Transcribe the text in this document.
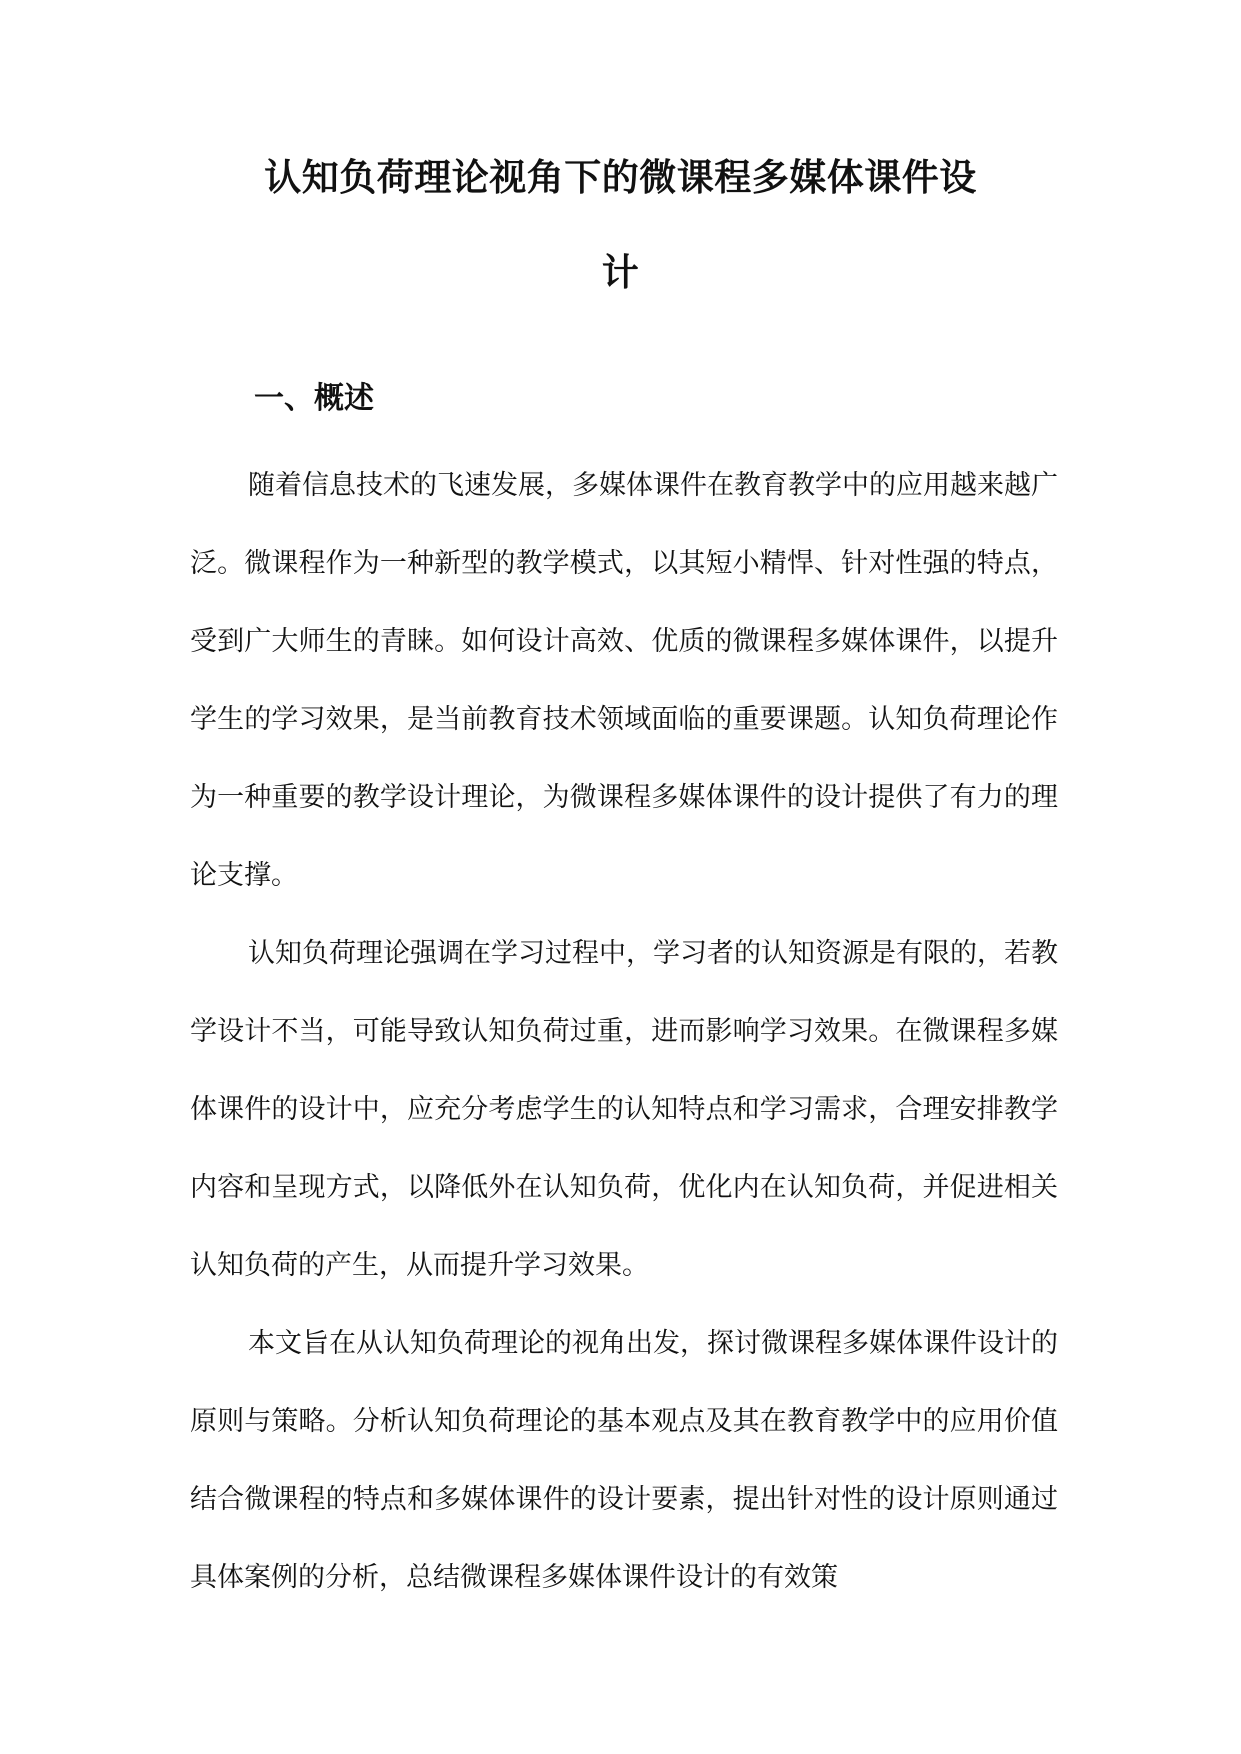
认知负荷理论视角下的微课程多媒体课件设
计
一、概述

随着信息技术的飞速发展，多媒体课件在教育教学中的应用越来越广泛。微课程作为一种新型的教学模式，以其短小精悍、针对性强的特点，受到广大师生的青睐。如何设计高效、优质的微课程多媒体课件，以提升学生的学习效果，是当前教育技术领域面临的重要课题。认知负荷理论作为一种重要的教学设计理论，为微课程多媒体课件的设计提供了有力的理论支撑。

认知负荷理论强调在学习过程中，学习者的认知资源是有限的，若教学设计不当，可能导致认知负荷过重，进而影响学习效果。在微课程多媒体课件的设计中，应充分考虑学生的认知特点和学习需求，合理安排教学内容和呈现方式，以降低外在认知负荷，优化内在认知负荷，并促进相关认知负荷的产生，从而提升学习效果。

本文旨在从认知负荷理论的视角出发，探讨微课程多媒体课件设计的原则与策略。分析认知负荷理论的基本观点及其在教育教学中的应用价值结合微课程的特点和多媒体课件的设计要素，提出针对性的设计原则通过具体案例的分析，总结微课程多媒体课件设计的有效策
